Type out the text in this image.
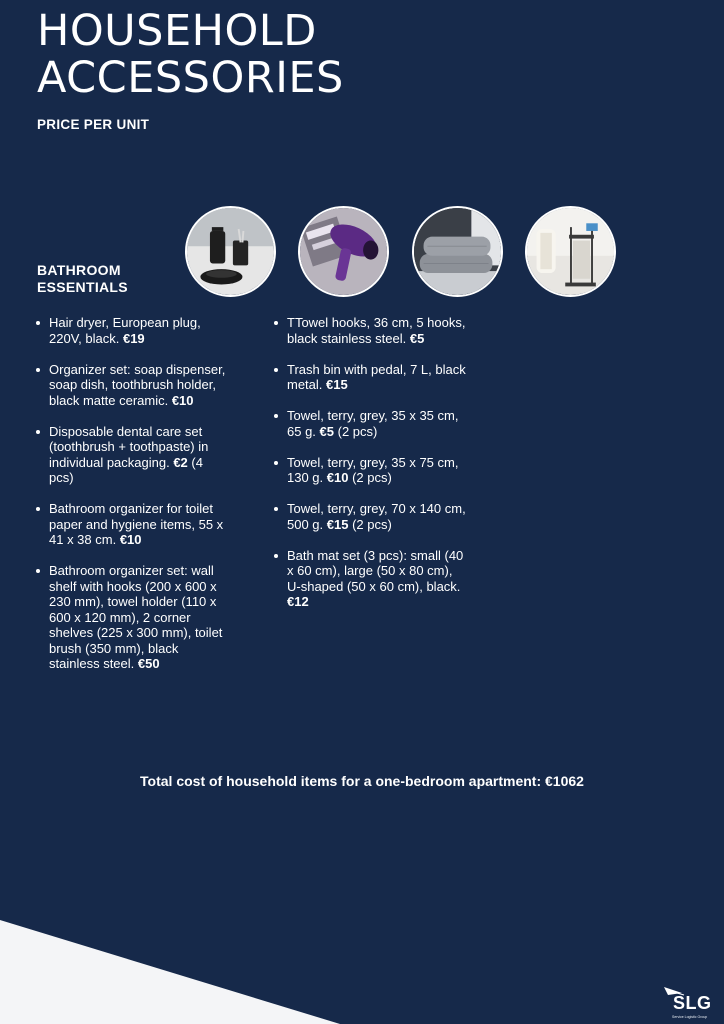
HOUSEHOLD
ACCESSORIES
PRICE PER UNIT
BATHROOM
ESSENTIALS
Hair dryer, European plug, 220V, black. €19
Organizer set: soap dispenser, soap dish, toothbrush holder, black matte ceramic. €10
Disposable dental care set (toothbrush + toothpaste) in individual packaging. €2 (4 pcs)
Bathroom organizer for toilet paper and hygiene items, 55 x 41 x 38 cm. €10
Bathroom organizer set: wall shelf with hooks (200 x 600 x 230 mm), towel holder (110 x 600 x 120 mm), 2 corner shelves (225 x 300 mm), toilet brush (350 mm), black stainless steel. €50
TTowel hooks, 36 cm, 5 hooks, black stainless steel. €5
Trash bin with pedal, 7 L, black metal. €15
Towel, terry, grey, 35 x 35 cm, 65 g. €5 (2 pcs)
Towel, terry, grey, 35 x 75 cm, 130 g. €10 (2 pcs)
Towel, terry, grey, 70 x 140 cm, 500 g. €15 (2 pcs)
Bath mat set (3 pcs): small (40 x 60 cm), large (50 x 80 cm), U-shaped (50 x 60 cm), black. €12
Total cost of household items for a one-bedroom apartment: €1062
SLG
Service Logistic Group
